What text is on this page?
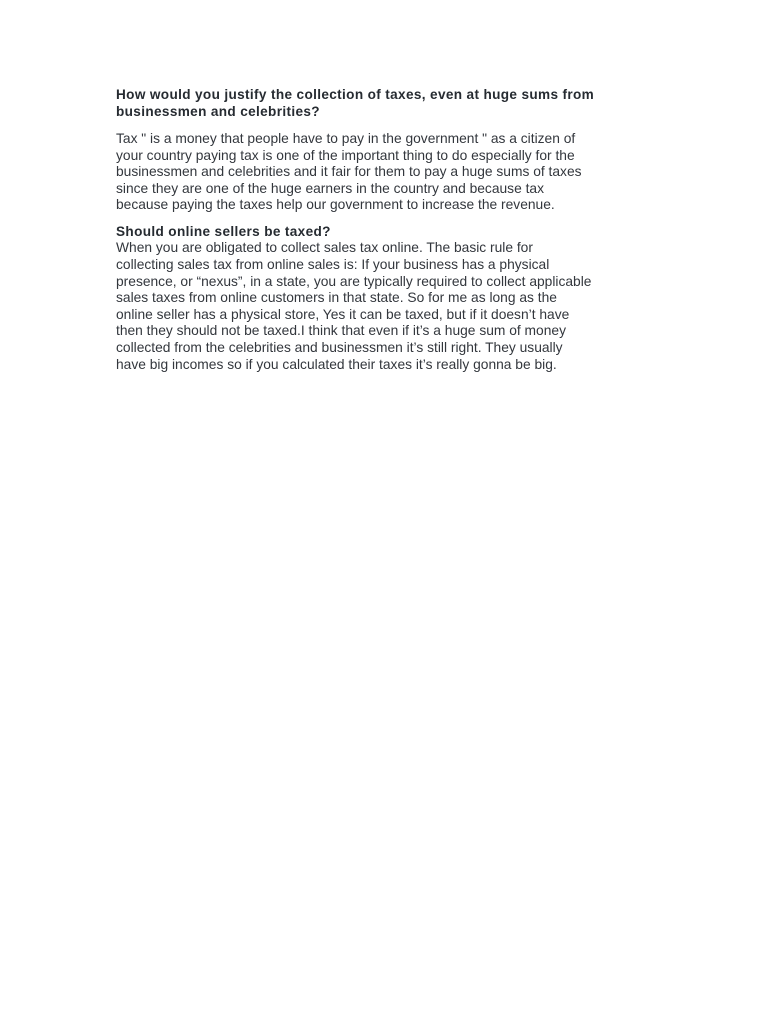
How would you justify the collection of taxes, even at huge sums from
businessmen and celebrities?

Tax " is a money that people have to pay in the government " as a citizen of
your country paying tax is one of the important thing to do especially for the
businessmen and celebrities and it fair for them to pay a huge sums of taxes
since they are one of the huge earners in the country and because tax
because paying the taxes help our government to increase the revenue.

Should online sellers be taxed?

When you are obligated to collect sales tax online. The basic rule for
collecting sales tax from online sales is: If your business has a physical
presence, or “nexus”, in a state, you are typically required to collect applicable
sales taxes from online customers in that state. So for me as long as the
online seller has a physical store, Yes it can be taxed, but if it doesn’t have
then they should not be taxed.I think that even if it’s a huge sum of money
collected from the celebrities and businessmen it’s still right. They usually
have big incomes so if you calculated their taxes it’s really gonna be big.
